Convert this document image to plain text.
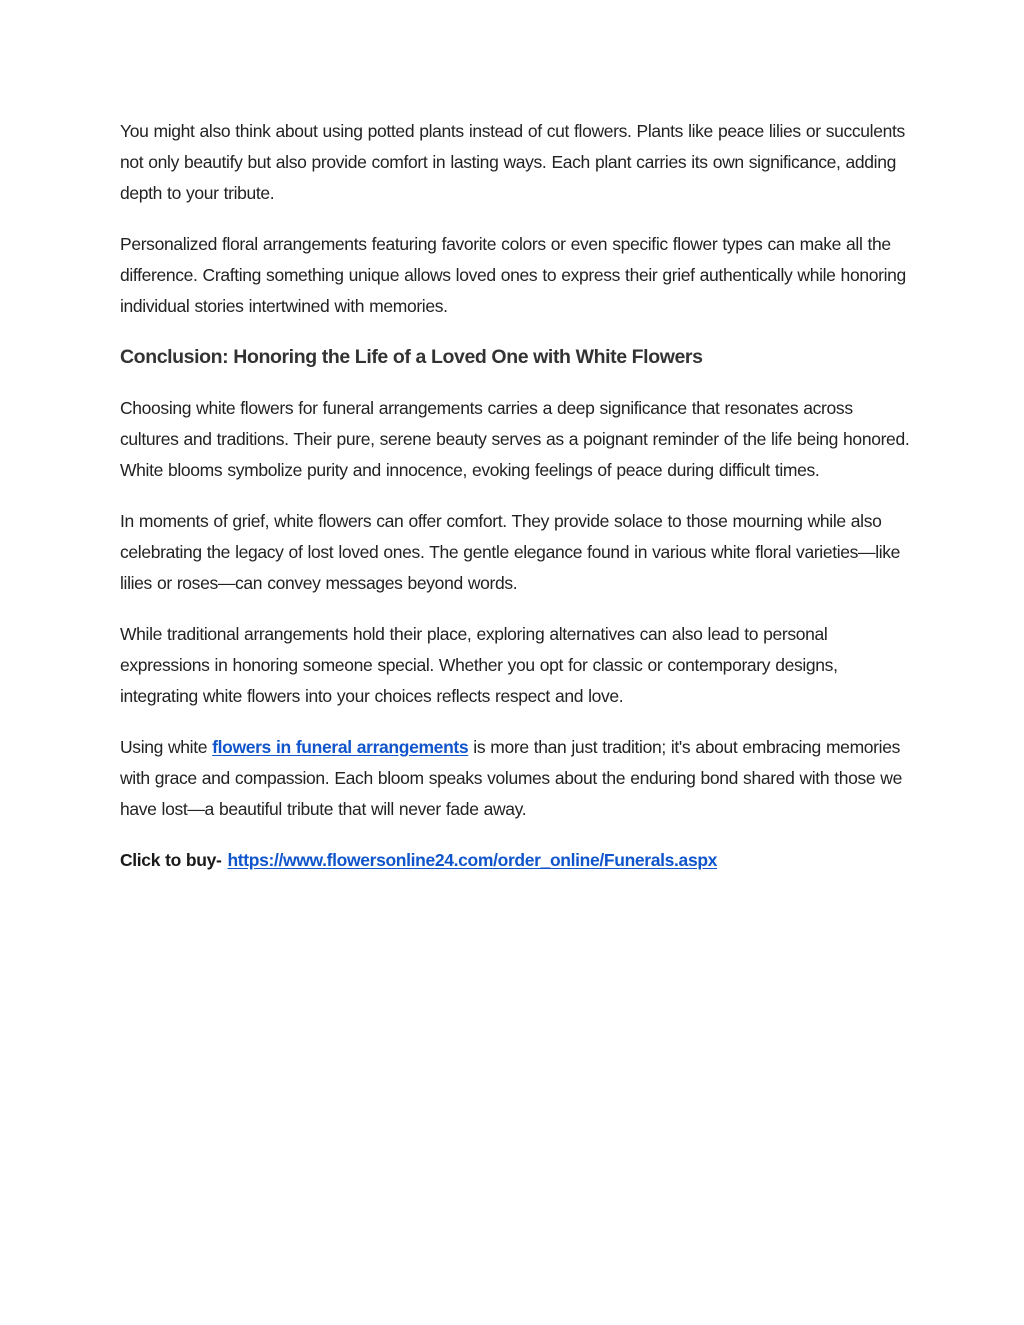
You might also think about using potted plants instead of cut flowers. Plants like peace lilies or succulents not only beautify but also provide comfort in lasting ways. Each plant carries its own significance, adding depth to your tribute.

Personalized floral arrangements featuring favorite colors or even specific flower types can make all the difference. Crafting something unique allows loved ones to express their grief authentically while honoring individual stories intertwined with memories.

Conclusion: Honoring the Life of a Loved One with White Flowers

Choosing white flowers for funeral arrangements carries a deep significance that resonates across cultures and traditions. Their pure, serene beauty serves as a poignant reminder of the life being honored. White blooms symbolize purity and innocence, evoking feelings of peace during difficult times.

In moments of grief, white flowers can offer comfort. They provide solace to those mourning while also celebrating the legacy of lost loved ones. The gentle elegance found in various white floral varieties—like lilies or roses—can convey messages beyond words.

While traditional arrangements hold their place, exploring alternatives can also lead to personal expressions in honoring someone special. Whether you opt for classic or contemporary designs, integrating white flowers into your choices reflects respect and love.

Using white flowers in funeral arrangements is more than just tradition; it's about embracing memories with grace and compassion. Each bloom speaks volumes about the enduring bond shared with those we have lost—a beautiful tribute that will never fade away.

Click to buy- https://www.flowersonline24.com/order_online/Funerals.aspx
